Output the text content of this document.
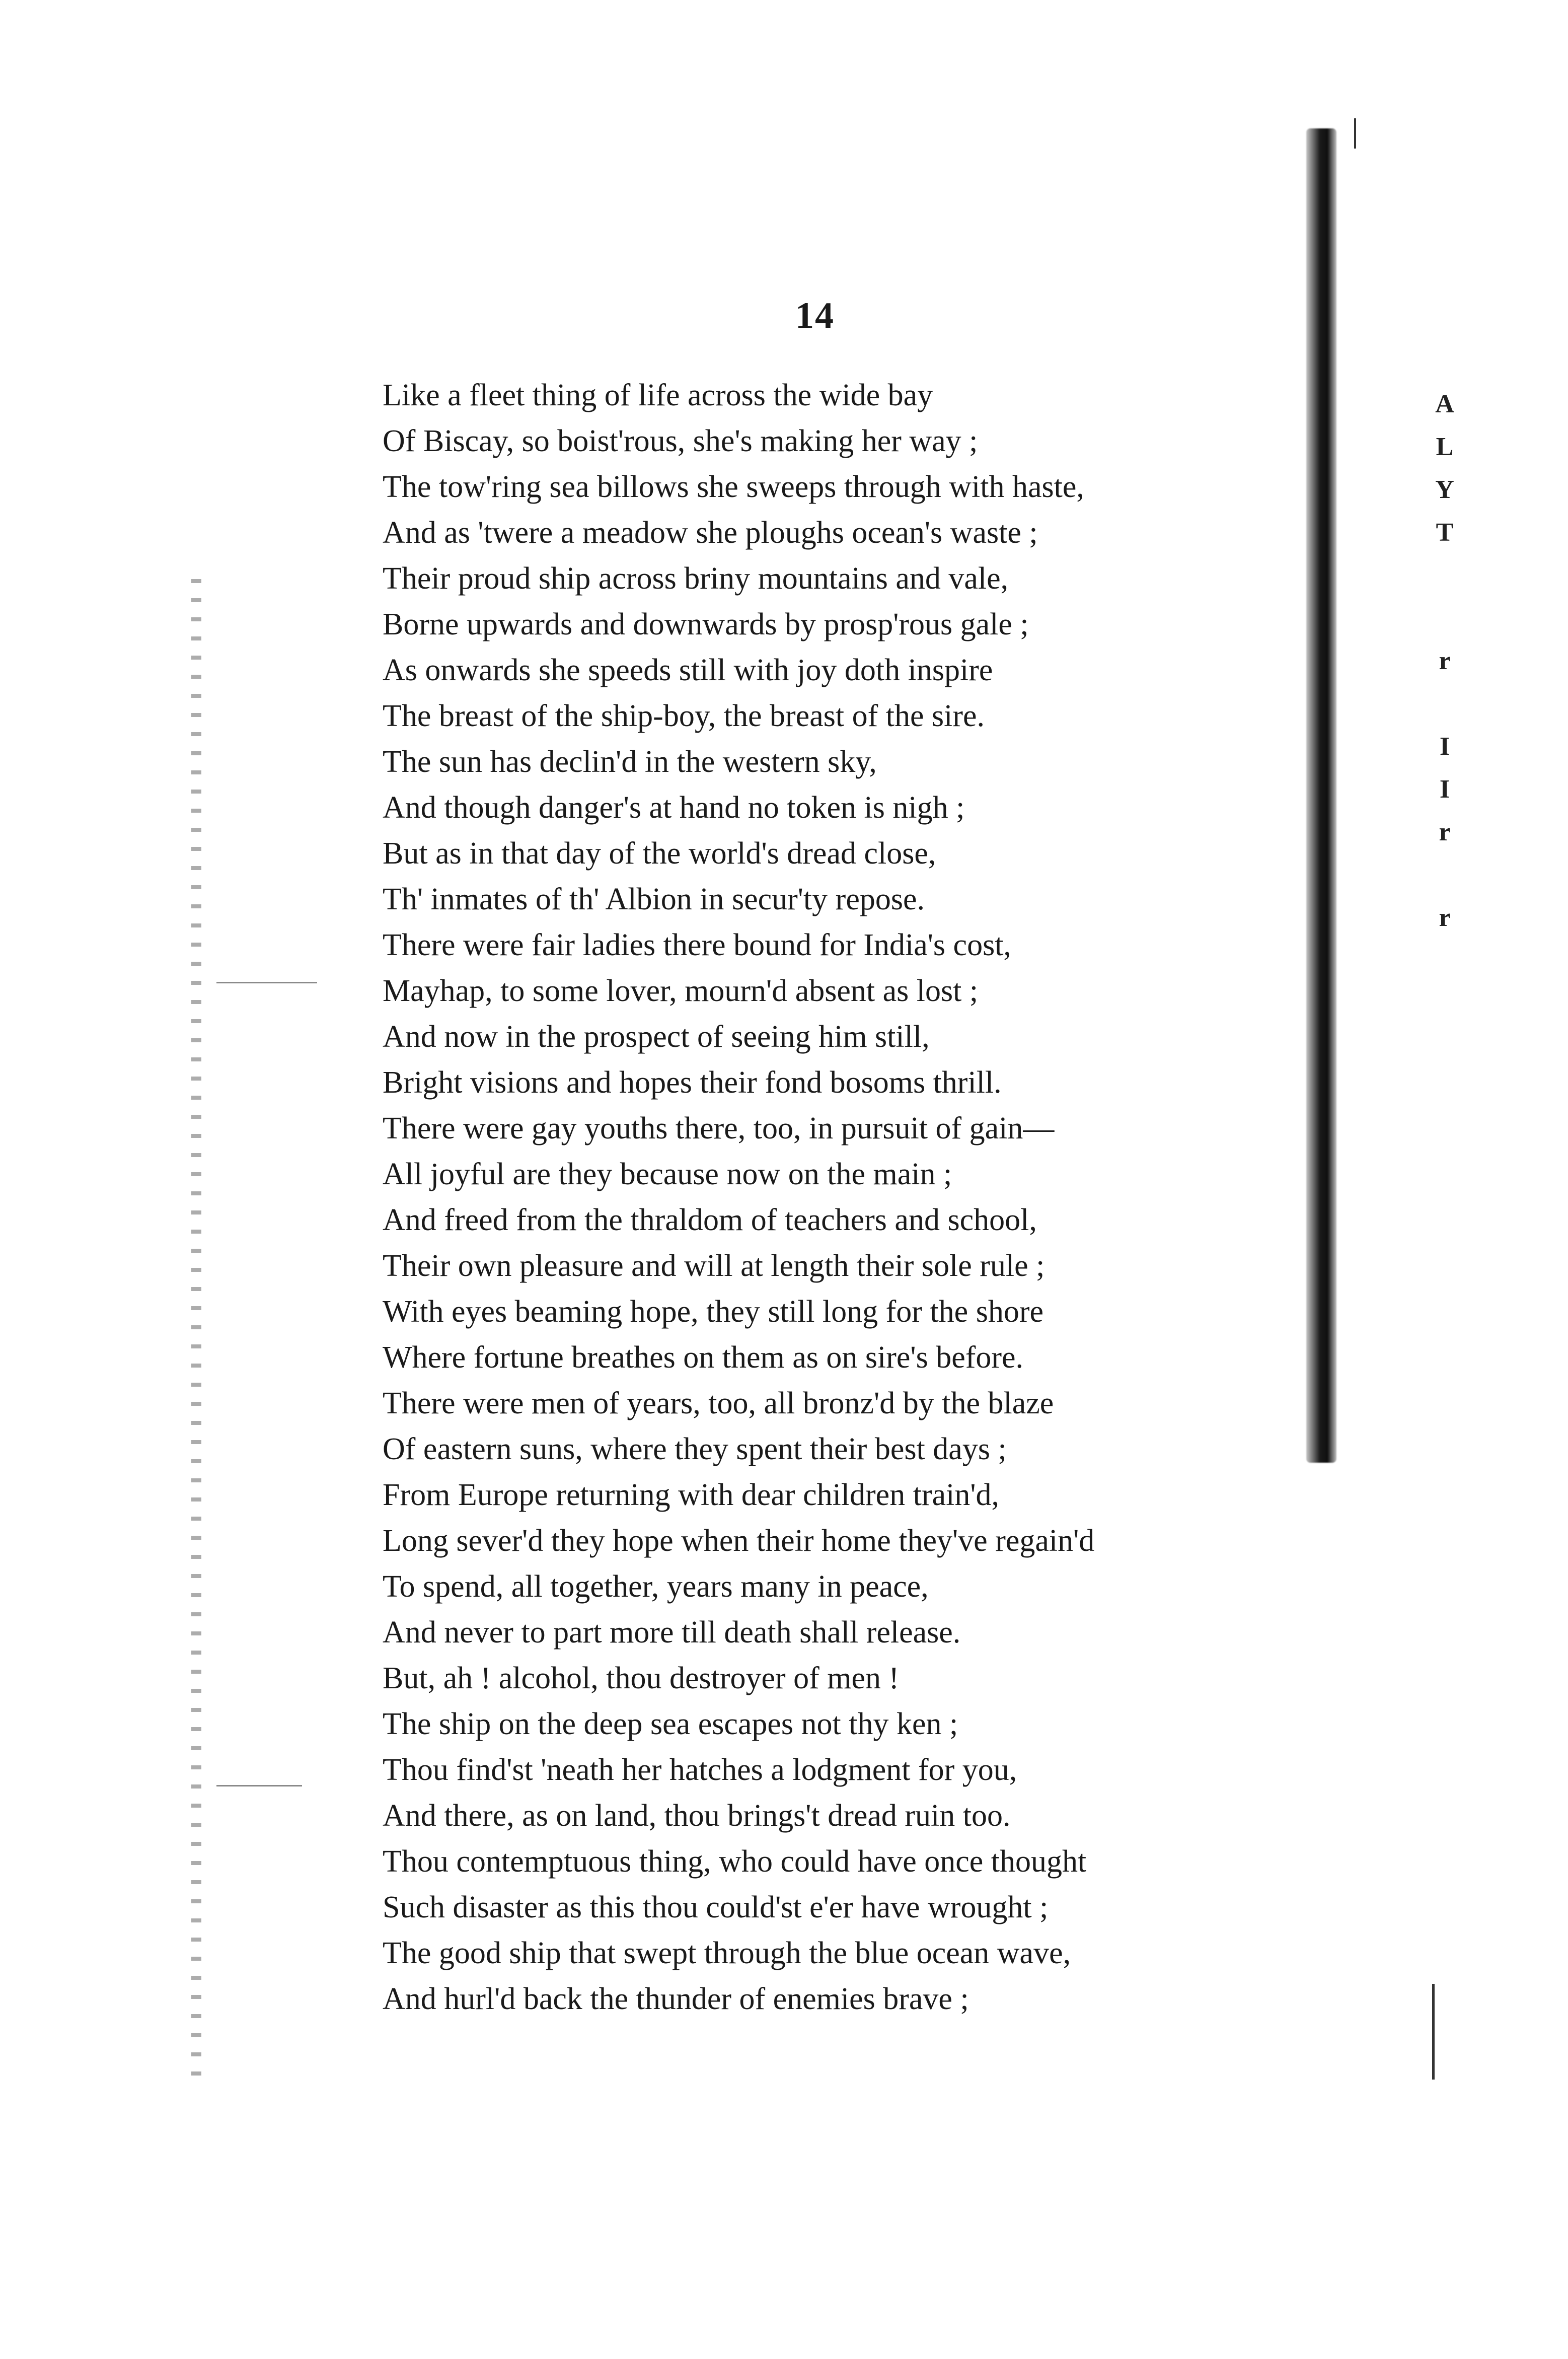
14
Like a fleet thing of life across the wide bay
Of Biscay, so boist'rous, she's making her way ;
The tow'ring sea billows she sweeps through with haste,
And as 'twere a meadow she ploughs ocean's waste ;
Their proud ship across briny mountains and vale,
Borne upwards and downwards by prosp'rous gale ;
As onwards she speeds still with joy doth inspire
The breast of the ship-boy, the breast of the sire.
The sun has declin'd in the western sky,
And though danger's at hand no token is nigh ;
But as in that day of the world's dread close,
Th' inmates of th' Albion in secur'ty repose.
There were fair ladies there bound for India's cost,
Mayhap, to some lover, mourn'd absent as lost ;
And now in the prospect of seeing him still,
Bright visions and hopes their fond bosoms thrill.
There were gay youths there, too, in pursuit of gain—
All joyful are they because now on the main ;
And freed from the thraldom of teachers and school,
Their own pleasure and will at length their sole rule ;
With eyes beaming hope, they still long for the shore
Where fortune breathes on them as on sire's before.
There were men of years, too, all bronz'd by the blaze
Of eastern suns, where they spent their best days ;
From Europe returning with dear children train'd,
Long sever'd they hope when their home they've regain'd
To spend, all together, years many in peace,
And never to part more till death shall release.
But, ah ! alcohol, thou destroyer of men !
The ship on the deep sea escapes not thy ken ;
Thou find'st 'neath her hatches a lodgment for you,
And there, as on land, thou brings't dread ruin too.
Thou contemptuous thing, who could have once thought
Such disaster as this thou could'st e'er have wrought ;
The good ship that swept through the blue ocean wave,
And hurl'd back the thunder of enemies brave ;
A
L
Y
T
r
I
I
r
r
